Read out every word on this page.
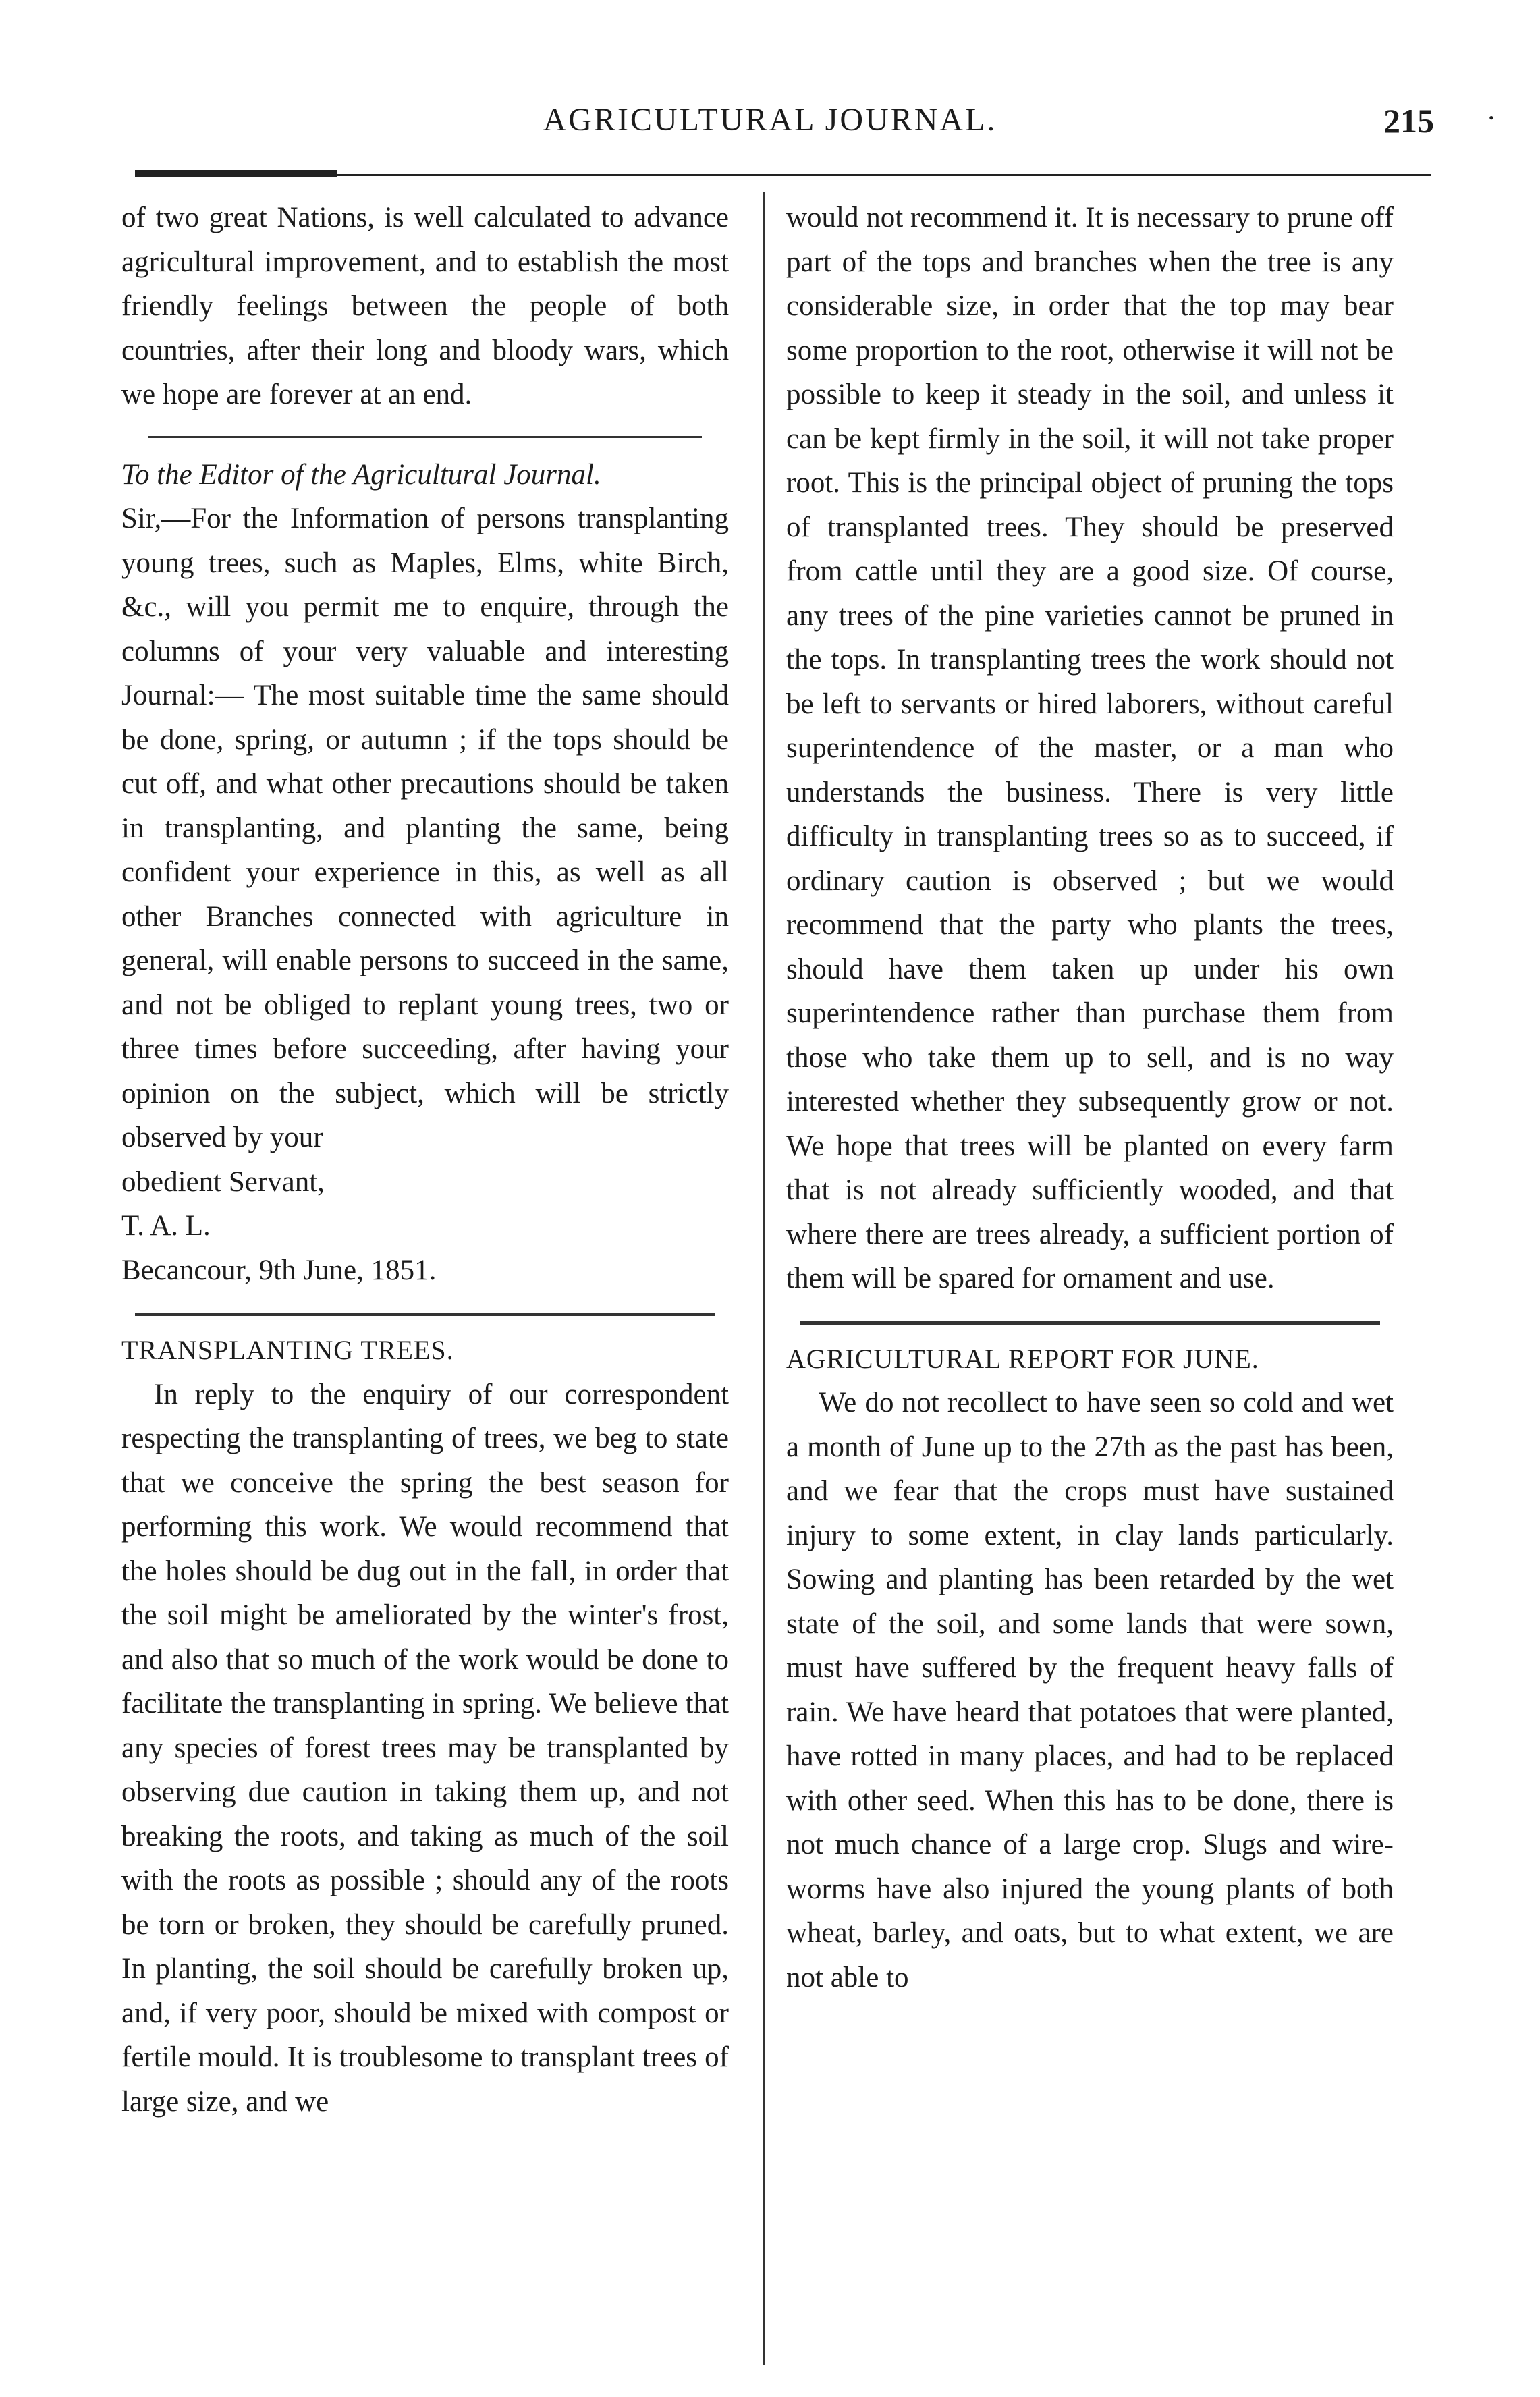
AGRICULTURAL JOURNAL.	215	•

of two great Nations, is well calculated to advance agricultural improvement, and to establish the most friendly feelings between the people of both countries, after their long and bloody wars, which we hope are forever at an end.

To the Editor of the Agricultural Journal.

Sir,—For the Information of persons transplanting young trees, such as Maples, Elms, white Birch, &c., will you permit me to enquire, through the columns of your very valuable and interesting Journal:— The most suitable time the same should be done, spring, or autumn ; if the tops should be cut off, and what other precautions should be taken in transplanting, and planting the same, being confident your experience in this, as well as all other Branches connected with agriculture in general, will enable persons to succeed in the same, and not be obliged to replant young trees, two or three times before succeeding, after having your opinion on the subject, which will be strictly observed by your

obedient Servant,

T. A. L.

Becancour, 9th June, 1851.

TRANSPLANTING TREES.

In reply to the enquiry of our correspondent respecting the transplanting of trees, we beg to state that we conceive the spring the best season for performing this work. We would recommend that the holes should be dug out in the fall, in order that the soil might be ameliorated by the winter's frost, and also that so much of the work would be done to facilitate the transplanting in spring. We believe that any species of forest trees may be transplanted by observing due caution in taking them up, and not breaking the roots, and taking as much of the soil with the roots as possible ; should any of the roots be torn or broken, they should be carefully pruned. In planting, the soil should be carefully broken up, and, if very poor, should be mixed with compost or fertile mould. It is troublesome to transplant trees of large size, and we

would not recommend it. It is necessary to prune off part of the tops and branches when the tree is any considerable size, in order that the top may bear some proportion to the root, otherwise it will not be possible to keep it steady in the soil, and unless it can be kept firmly in the soil, it will not take proper root. This is the principal object of pruning the tops of transplanted trees. They should be preserved from cattle until they are a good size. Of course, any trees of the pine varieties cannot be pruned in the tops. In transplanting trees the work should not be left to servants or hired laborers, without careful superintendence of the master, or a man who understands the business. There is very little difficulty in transplanting trees so as to succeed, if ordinary caution is observed ; but we would recommend that the party who plants the trees, should have them taken up under his own superintendence rather than purchase them from those who take them up to sell, and is no way interested whether they subsequently grow or not. We hope that trees will be planted on every farm that is not already sufficiently wooded, and that where there are trees already, a sufficient portion of them will be spared for ornament and use.

AGRICULTURAL REPORT FOR JUNE.

We do not recollect to have seen so cold and wet a month of June up to the 27th as the past has been, and we fear that the crops must have sustained injury to some extent, in clay lands particularly. Sowing and planting has been retarded by the wet state of the soil, and some lands that were sown, must have suffered by the frequent heavy falls of rain. We have heard that potatoes that were planted, have rotted in many places, and had to be replaced with other seed. When this has to be done, there is not much chance of a large crop. Slugs and wire-worms have also injured the young plants of both wheat, barley, and oats, but to what extent, we are not able to
